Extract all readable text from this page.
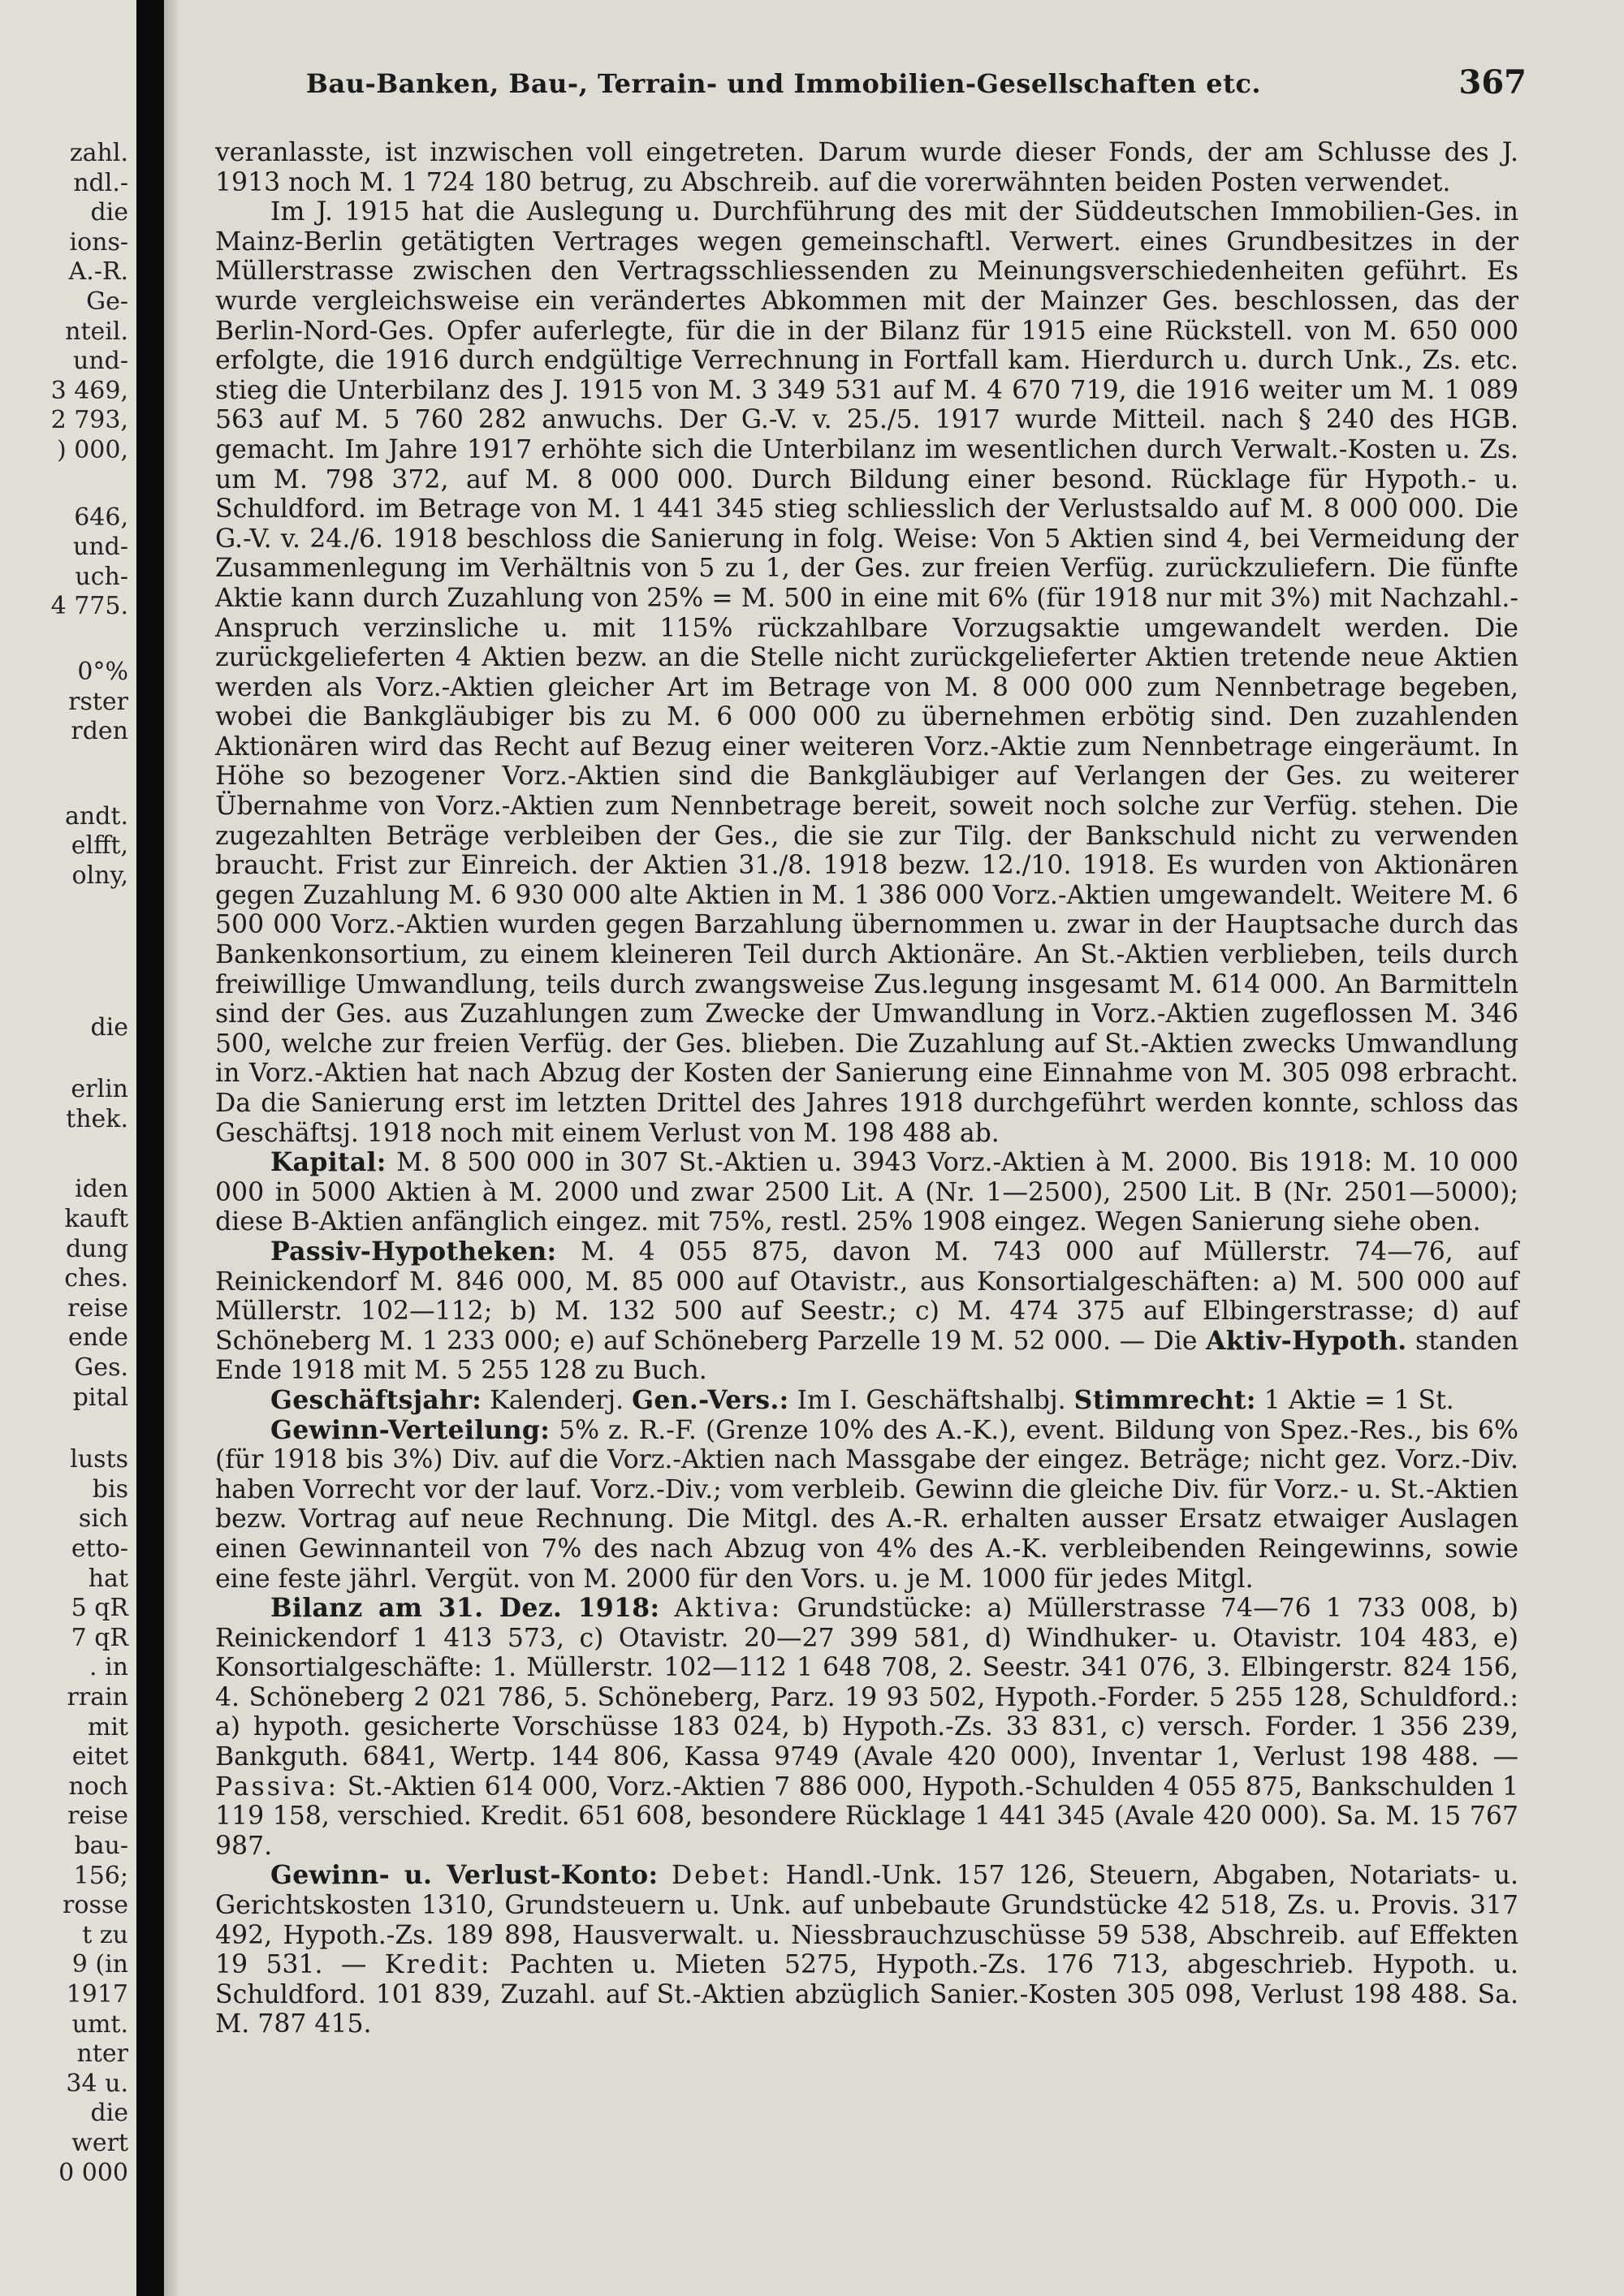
zahl.
ndl.-
die
ions-
A.-R.
Ge-
nteil.
und-
3 469,
2 793,
) 000,
646,
und-
uch-
4 775.
0°%
rster
rden
andt.
elfft,
olny,
die
erlin
thek.
iden
kauft
dung
ches.
reise
ende
Ges.
pital
lusts
bis
sich
etto-
hat
5 qR
7 qR
. in
rrain
mit
eitet
noch
reise
bau-
156;
rosse
t zu
9 (in
1917
umt.
nter
34 u.
die
wert
0 000
Bau-Banken, Bau-, Terrain- und Immobilien-Gesellschaften etc.	367

veranlasste, ist inzwischen voll eingetreten. Darum wurde dieser Fonds, der am Schlusse des J. 1913 noch M. 1 724 180 betrug, zu Abschreib. auf die vorerwähnten beiden Posten verwendet.

Im J. 1915 hat die Auslegung u. Durchführung des mit der Süddeutschen Immobilien-Ges. in Mainz-Berlin getätigten Vertrages wegen gemeinschaftl. Verwert. eines Grundbesitzes in der Müllerstrasse zwischen den Vertragsschliessenden zu Meinungsverschiedenheiten geführt. Es wurde vergleichsweise ein verändertes Abkommen mit der Mainzer Ges. beschlossen, das der Berlin-Nord-Ges. Opfer auferlegte, für die in der Bilanz für 1915 eine Rückstell. von M. 650 000 erfolgte, die 1916 durch endgültige Verrechnung in Fortfall kam. Hierdurch u. durch Unk., Zs. etc. stieg die Unterbilanz des J. 1915 von M. 3 349 531 auf M. 4 670 719, die 1916 weiter um M. 1 089 563 auf M. 5 760 282 anwuchs. Der G.-V. v. 25./5. 1917 wurde Mitteil. nach § 240 des HGB. gemacht. Im Jahre 1917 erhöhte sich die Unterbilanz im wesentlichen durch Verwalt.-Kosten u. Zs. um M. 798 372, auf M. 8 000 000. Durch Bildung einer besond. Rücklage für Hypoth.- u. Schuldford. im Betrage von M. 1 441 345 stieg schliesslich der Verlustsaldo auf M. 8 000 000. Die G.-V. v. 24./6. 1918 beschloss die Sanierung in folg. Weise: Von 5 Aktien sind 4, bei Vermeidung der Zusammenlegung im Verhältnis von 5 zu 1, der Ges. zur freien Verfüg. zurückzuliefern. Die fünfte Aktie kann durch Zuzahlung von 25% = M. 500 in eine mit 6% (für 1918 nur mit 3%) mit Nachzahl.-Anspruch verzinsliche u. mit 115% rückzahlbare Vorzugsaktie umgewandelt werden. Die zurückgelieferten 4 Aktien bezw. an die Stelle nicht zurückgelieferter Aktien tretende neue Aktien werden als Vorz.-Aktien gleicher Art im Betrage von M. 8 000 000 zum Nennbetrage begeben, wobei die Bankgläubiger bis zu M. 6 000 000 zu übernehmen erbötig sind. Den zuzahlenden Aktionären wird das Recht auf Bezug einer weiteren Vorz.-Aktie zum Nennbetrage eingeräumt. In Höhe so bezogener Vorz.-Aktien sind die Bankgläubiger auf Verlangen der Ges. zu weiterer Übernahme von Vorz.-Aktien zum Nennbetrage bereit, soweit noch solche zur Verfüg. stehen. Die zugezahlten Beträge verbleiben der Ges., die sie zur Tilg. der Bankschuld nicht zu verwenden braucht. Frist zur Einreich. der Aktien 31./8. 1918 bezw. 12./10. 1918. Es wurden von Aktionären gegen Zuzahlung M. 6 930 000 alte Aktien in M. 1 386 000 Vorz.-Aktien umgewandelt. Weitere M. 6 500 000 Vorz.-Aktien wurden gegen Barzahlung übernommen u. zwar in der Hauptsache durch das Bankenkonsortium, zu einem kleineren Teil durch Aktionäre. An St.-Aktien verblieben, teils durch freiwillige Umwandlung, teils durch zwangsweise Zus.legung insgesamt M. 614 000. An Barmitteln sind der Ges. aus Zuzahlungen zum Zwecke der Umwandlung in Vorz.-Aktien zugeflossen M. 346 500, welche zur freien Verfüg. der Ges. blieben. Die Zuzahlung auf St.-Aktien zwecks Umwandlung in Vorz.-Aktien hat nach Abzug der Kosten der Sanierung eine Einnahme von M. 305 098 erbracht. Da die Sanierung erst im letzten Drittel des Jahres 1918 durchgeführt werden konnte, schloss das Geschäftsj. 1918 noch mit einem Verlust von M. 198 488 ab.

Kapital: M. 8 500 000 in 307 St.-Aktien u. 3943 Vorz.-Aktien à M. 2000. Bis 1918: M. 10 000 000 in 5000 Aktien à M. 2000 und zwar 2500 Lit. A (Nr. 1—2500), 2500 Lit. B (Nr. 2501—5000); diese B-Aktien anfänglich eingez. mit 75%, restl. 25% 1908 eingez. Wegen Sanierung siehe oben.

Passiv-Hypotheken: M. 4 055 875, davon M. 743 000 auf Müllerstr. 74—76, auf Reinickendorf M. 846 000, M. 85 000 auf Otavistr., aus Konsortialgeschäften: a) M. 500 000 auf Müllerstr. 102—112; b) M. 132 500 auf Seestr.; c) M. 474 375 auf Elbingerstrasse; d) auf Schöneberg M. 1 233 000; e) auf Schöneberg Parzelle 19 M. 52 000. — Die Aktiv-Hypoth. standen Ende 1918 mit M. 5 255 128 zu Buch.

Geschäftsjahr: Kalenderj. Gen.-Vers.: Im I. Geschäftshalbj. Stimmrecht: 1 Aktie = 1 St.

Gewinn-Verteilung: 5% z. R.-F. (Grenze 10% des A.-K.), event. Bildung von Spez.-Res., bis 6% (für 1918 bis 3%) Div. auf die Vorz.-Aktien nach Massgabe der eingez. Beträge; nicht gez. Vorz.-Div. haben Vorrecht vor der lauf. Vorz.-Div.; vom verbleib. Gewinn die gleiche Div. für Vorz.- u. St.-Aktien bezw. Vortrag auf neue Rechnung. Die Mitgl. des A.-R. erhalten ausser Ersatz etwaiger Auslagen einen Gewinnanteil von 7% des nach Abzug von 4% des A.-K. verbleibenden Reingewinns, sowie eine feste jährl. Vergüt. von M. 2000 für den Vors. u. je M. 1000 für jedes Mitgl.

Bilanz am 31. Dez. 1918: Aktiva: Grundstücke: a) Müllerstrasse 74—76 1 733 008, b) Reinickendorf 1 413 573, c) Otavistr. 20—27 399 581, d) Windhuker- u. Otavistr. 104 483, e) Konsortialgeschäfte: 1. Müllerstr. 102—112 1 648 708, 2. Seestr. 341 076, 3. Elbingerstr. 824 156, 4. Schöneberg 2 021 786, 5. Schöneberg, Parz. 19 93 502, Hypoth.-Forder. 5 255 128, Schuldford.: a) hypoth. gesicherte Vorschüsse 183 024, b) Hypoth.-Zs. 33 831, c) versch. Forder. 1 356 239, Bankguth. 6841, Wertp. 144 806, Kassa 9749 (Avale 420 000), Inventar 1, Verlust 198 488. — Passiva: St.-Aktien 614 000, Vorz.-Aktien 7 886 000, Hypoth.-Schulden 4 055 875, Bankschulden 1 119 158, verschied. Kredit. 651 608, besondere Rücklage 1 441 345 (Avale 420 000). Sa. M. 15 767 987.

Gewinn- u. Verlust-Konto: Debet: Handl.-Unk. 157 126, Steuern, Abgaben, Notariats- u. Gerichtskosten 1310, Grundsteuern u. Unk. auf unbebaute Grundstücke 42 518, Zs. u. Provis. 317 492, Hypoth.-Zs. 189 898, Hausverwalt. u. Niessbrauchzuschüsse 59 538, Abschreib. auf Effekten 19 531. — Kredit: Pachten u. Mieten 5275, Hypoth.-Zs. 176 713, abgeschrieb. Hypoth. u. Schuldford. 101 839, Zuzahl. auf St.-Aktien abzüglich Sanier.-Kosten 305 098, Verlust 198 488. Sa. M. 787 415.
